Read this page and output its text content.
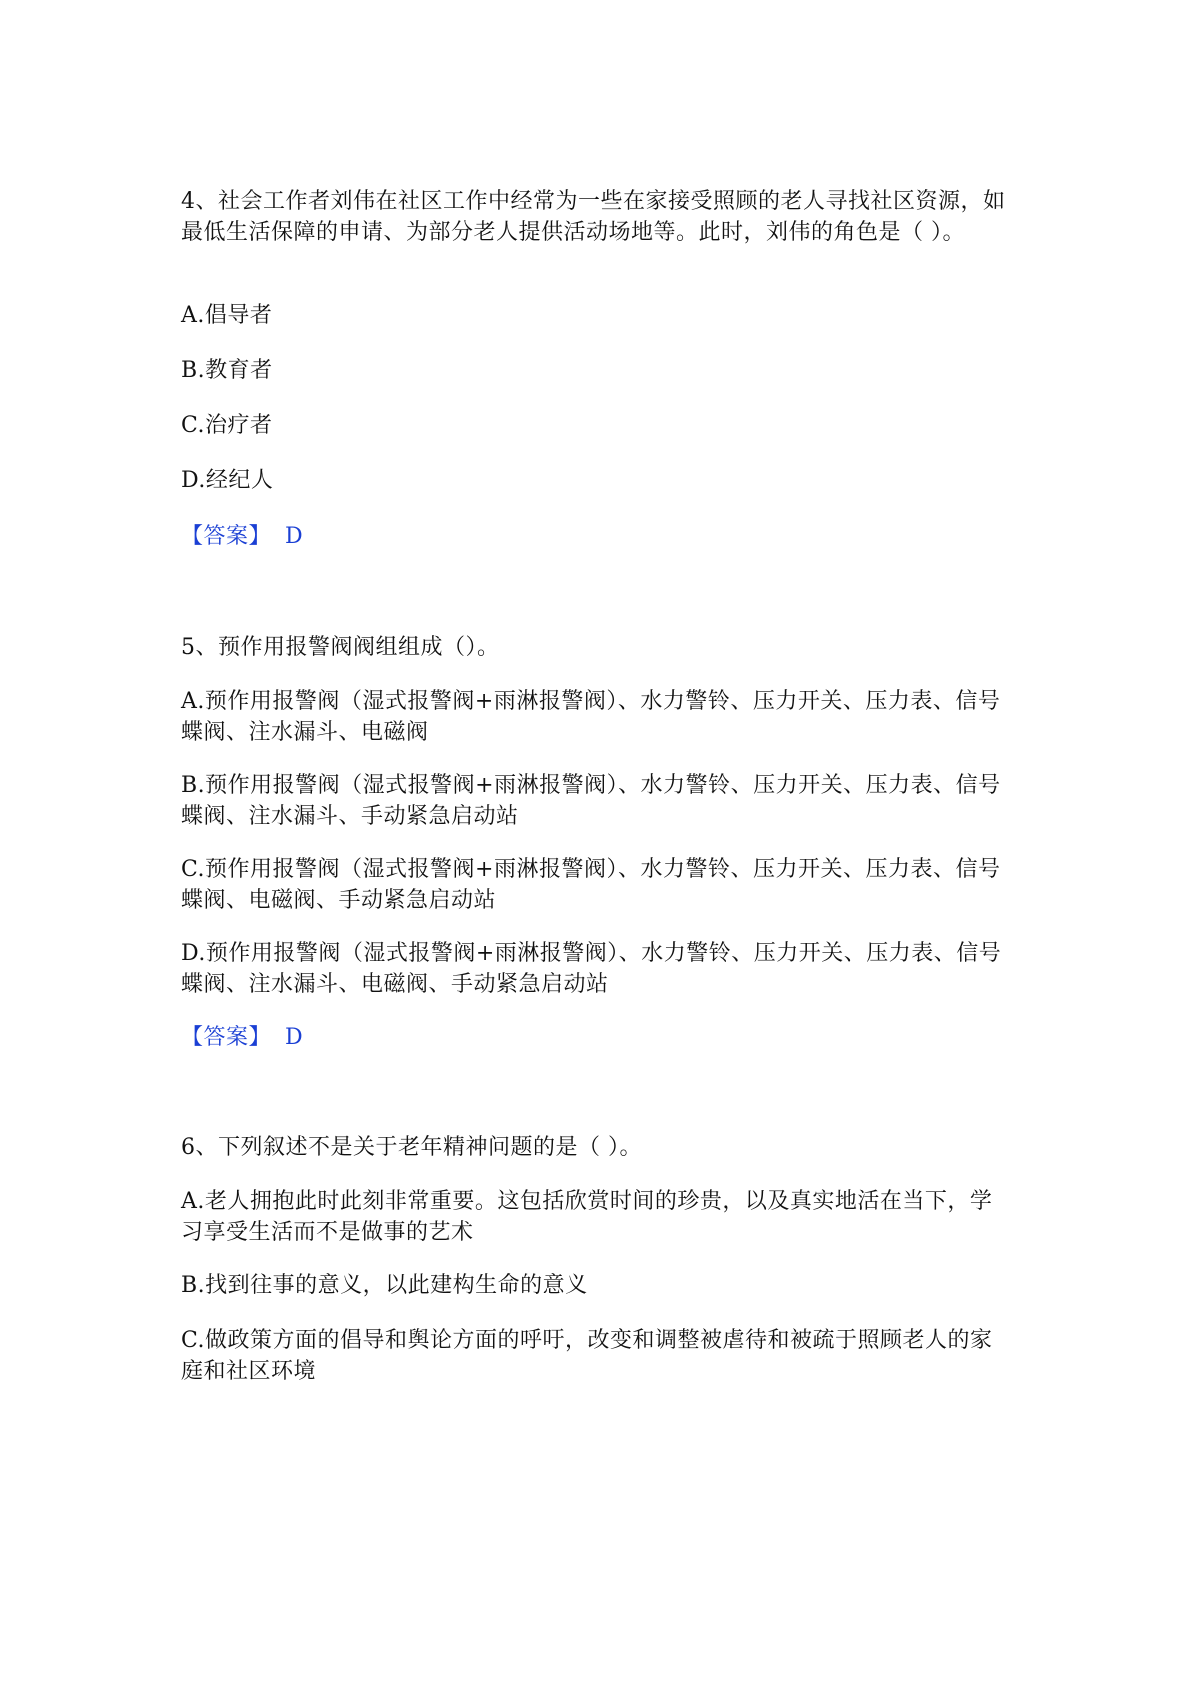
4、社会工作者刘伟在社区工作中经常为一些在家接受照顾的老人寻找社区资源，如最低生活保障的申请、为部分老人提供活动场地等。此时，刘伟的角色是（ ）。
A.倡导者
B.教育者
C.治疗者
D.经纪人
【答案】 D
5、预作用报警阀阀组组成（）。
A.预作用报警阀（湿式报警阀+雨淋报警阀）、水力警铃、压力开关、压力表、信号蝶阀、注水漏斗、电磁阀
B.预作用报警阀（湿式报警阀+雨淋报警阀）、水力警铃、压力开关、压力表、信号蝶阀、注水漏斗、手动紧急启动站
C.预作用报警阀（湿式报警阀+雨淋报警阀）、水力警铃、压力开关、压力表、信号蝶阀、电磁阀、手动紧急启动站
D.预作用报警阀（湿式报警阀+雨淋报警阀）、水力警铃、压力开关、压力表、信号蝶阀、注水漏斗、电磁阀、手动紧急启动站
【答案】 D
6、下列叙述不是关于老年精神问题的是（ ）。
A.老人拥抱此时此刻非常重要。这包括欣赏时间的珍贵，以及真实地活在当下，学习享受生活而不是做事的艺术
B.找到往事的意义，以此建构生命的意义
C.做政策方面的倡导和舆论方面的呼吁，改变和调整被虐待和被疏于照顾老人的家庭和社区环境
